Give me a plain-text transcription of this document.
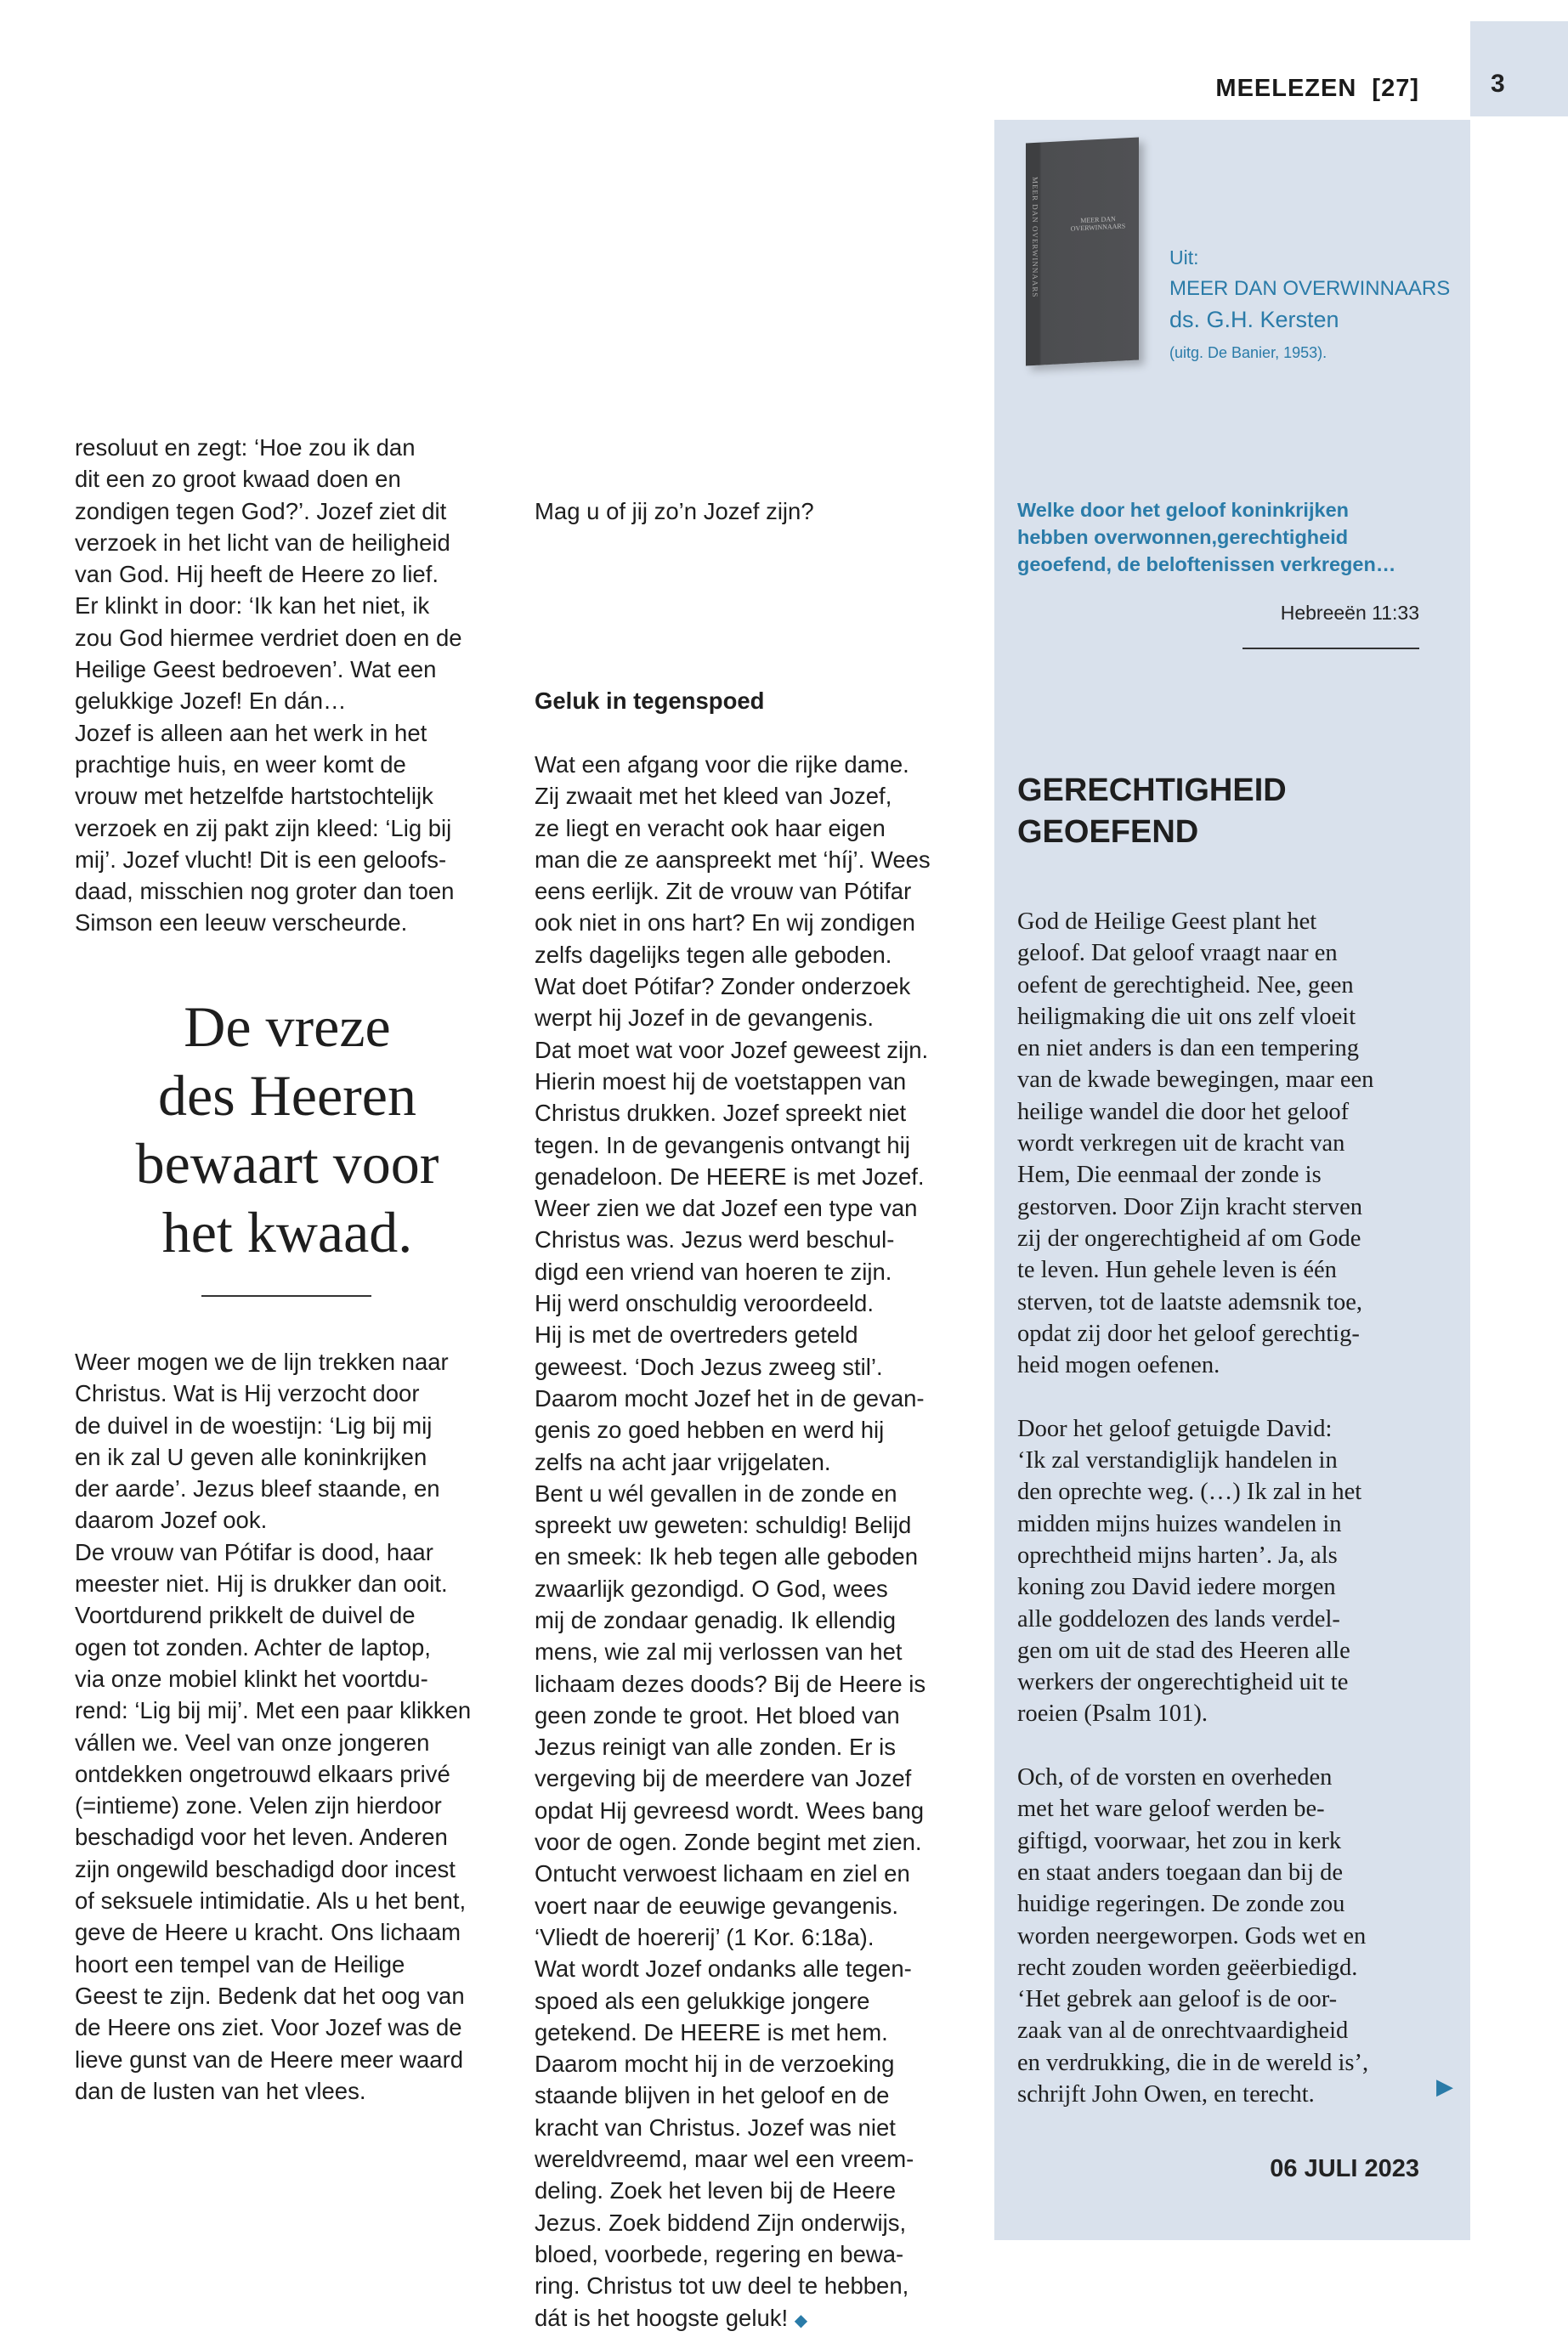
3
MEELEZEN  [27]
MEER DAN OVERWINNAARS	MEER DAN OVERWINNAARS
Uit:
MEER DAN OVERWINNAARS
ds. G.H. Kersten
(uitg. De Banier, 1953).
Welke door het geloof koninkrijken
hebben overwonnen,gerechtigheid
geoefend, de beloftenissen verkregen…
Hebreeën 11:33
GERECHTIGHEID
GEOEFEND
resoluut en zegt: ‘Hoe zou ik dan
dit een zo groot kwaad doen en
zondigen tegen God?’. Jozef ziet dit
verzoek in het licht van de heiligheid
van God. Hij heeft de Heere zo lief.
Er klinkt in door: ‘Ik kan het niet, ik
zou God hiermee verdriet doen en de
Heilige Geest bedroeven’. Wat een
gelukkige Jozef! En dán…
Jozef is alleen aan het werk in het
prachtige huis, en weer komt de
vrouw met hetzelfde hartstochtelijk
verzoek en zij pakt zijn kleed: ‘Lig bij
mij’. Jozef vlucht! Dit is een geloofs-
daad, misschien nog groter dan toen
Simson een leeuw verscheurde.
De vreze
des Heeren
bewaart voor
het kwaad.
Weer mogen we de lijn trekken naar
Christus. Wat is Hij verzocht door
de duivel in de woestijn: ‘Lig bij mij
en ik zal U geven alle koninkrijken
der aarde’. Jezus bleef staande, en
daarom Jozef ook.
De vrouw van Pótifar is dood, haar
meester niet. Hij is drukker dan ooit.
Voortdurend prikkelt de duivel de
ogen tot zonden. Achter de laptop,
via onze mobiel klinkt het voortdu-
rend: ‘Lig bij mij’. Met een paar klikken
vállen we. Veel van onze jongeren
ontdekken ongetrouwd elkaars privé
(=intieme) zone. Velen zijn hierdoor
beschadigd voor het leven. Anderen
zijn ongewild beschadigd door incest
of seksuele intimidatie. Als u het bent,
geve de Heere u kracht. Ons lichaam
hoort een tempel van de Heilige
Geest te zijn. Bedenk dat het oog van
de Heere ons ziet. Voor Jozef was de
lieve gunst van de Heere meer waard
dan de lusten van het vlees.

Mag u of jij zo’n Jozef zijn?

Geluk in tegenspoed

Wat een afgang voor die rijke dame.
Zij zwaait met het kleed van Jozef,
ze liegt en veracht ook haar eigen
man die ze aanspreekt met ‘híj’. Wees
eens eerlijk. Zit de vrouw van Pótifar
ook niet in ons hart? En wij zondigen
zelfs dagelijks tegen alle geboden.
Wat doet Pótifar? Zonder onderzoek
werpt hij Jozef in de gevangenis.
Dat moet wat voor Jozef geweest zijn.
Hierin moest hij de voetstappen van
Christus drukken. Jozef spreekt niet
tegen. In de gevangenis ontvangt hij
genadeloon. De HEERE is met Jozef.
Weer zien we dat Jozef een type van
Christus was. Jezus werd beschul-
digd een vriend van hoeren te zijn.
Hij werd onschuldig veroordeeld.
Hij is met de overtreders geteld
geweest. ‘Doch Jezus zweeg stil’.
Daarom mocht Jozef het in de gevan-
genis zo goed hebben en werd hij
zelfs na acht jaar vrijgelaten.
Bent u wél gevallen in de zonde en
spreekt uw geweten: schuldig! Belijd
en smeek: Ik heb tegen alle geboden
zwaarlijk gezondigd. O God, wees
mij de zondaar genadig. Ik ellendig
mens, wie zal mij verlossen van het
lichaam dezes doods? Bij de Heere is
geen zonde te groot. Het bloed van
Jezus reinigt van alle zonden. Er is
vergeving bij de meerdere van Jozef
opdat Hij gevreesd wordt. Wees bang
voor de ogen. Zonde begint met zien.
Ontucht verwoest lichaam en ziel en
voert naar de eeuwige gevangenis.
‘Vliedt de hoererij’ (1 Kor. 6:18a).
Wat wordt Jozef ondanks alle tegen-
spoed als een gelukkige jongere
getekend. De HEERE is met hem.
Daarom mocht hij in de verzoeking
staande blijven in het geloof en de
kracht van Christus. Jozef was niet
wereldvreemd, maar wel een vreem-
deling. Zoek het leven bij de Heere
Jezus. Zoek biddend Zijn onderwijs,
bloed, voorbede, regering en bewa-
ring. Christus tot uw deel te hebben,
dát is het hoogste geluk! ◆
God de Heilige Geest plant het
geloof. Dat geloof vraagt naar en
oefent de gerechtigheid. Nee, geen
heiligmaking die uit ons zelf vloeit
en niet anders is dan een tempering
van de kwade bewegingen, maar een
heilige wandel die door het geloof
wordt verkregen uit de kracht van
Hem, Die eenmaal der zonde is
gestorven. Door Zijn kracht sterven
zij der ongerechtigheid af om Gode
te leven. Hun gehele leven is één
sterven, tot de laatste ademsnik toe,
opdat zij door het geloof gerechtig-
heid mogen oefenen.
Door het geloof getuigde David:
‘Ik zal verstandiglijk handelen in
den oprechte weg. (…) Ik zal in het
midden mijns huizes wandelen in
oprechtheid mijns harten’. Ja, als
koning zou David iedere morgen
alle goddelozen des lands verdel-
gen om uit de stad des Heeren alle
werkers der ongerechtigheid uit te
roeien (Psalm 101).
Och, of de vorsten en overheden
met het ware geloof werden be-
giftigd, voorwaar, het zou in kerk
en staat anders toegaan dan bij de
huidige regeringen. De zonde zou
worden neergeworpen. Gods wet en
recht zouden worden geëerbiedigd.
‘Het gebrek aan geloof is de oor-
zaak van al de onrechtvaardigheid
en verdrukking, die in de wereld is’,
schrijft John Owen, en terecht.	▶
06 JULI 2023
